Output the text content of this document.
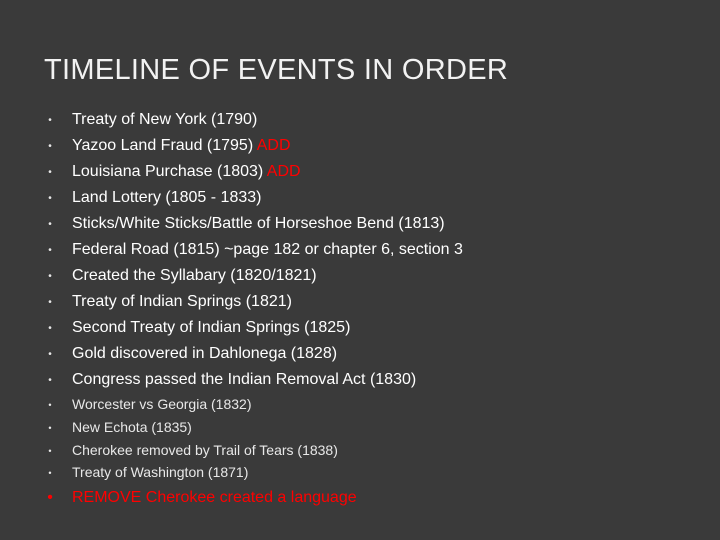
TIMELINE OF EVENTS IN ORDER
• Treaty of New York (1790)
• Yazoo Land Fraud (1795) ADD
• Louisiana Purchase (1803) ADD
• Land Lottery (1805 - 1833)
• Sticks/White Sticks/Battle of Horseshoe Bend (1813)
• Federal Road (1815) ~page 182 or chapter 6, section 3
• Created the Syllabary (1820/1821)
• Treaty of Indian Springs (1821)
• Second Treaty of Indian Springs (1825)
• Gold discovered in Dahlonega (1828)
• Congress passed the Indian Removal Act (1830)
•	Worcester vs Georgia (1832)
•	New Echota (1835)
•	Cherokee removed by Trail of Tears (1838)
•	Treaty of Washington (1871)
• REMOVE Cherokee created a language
